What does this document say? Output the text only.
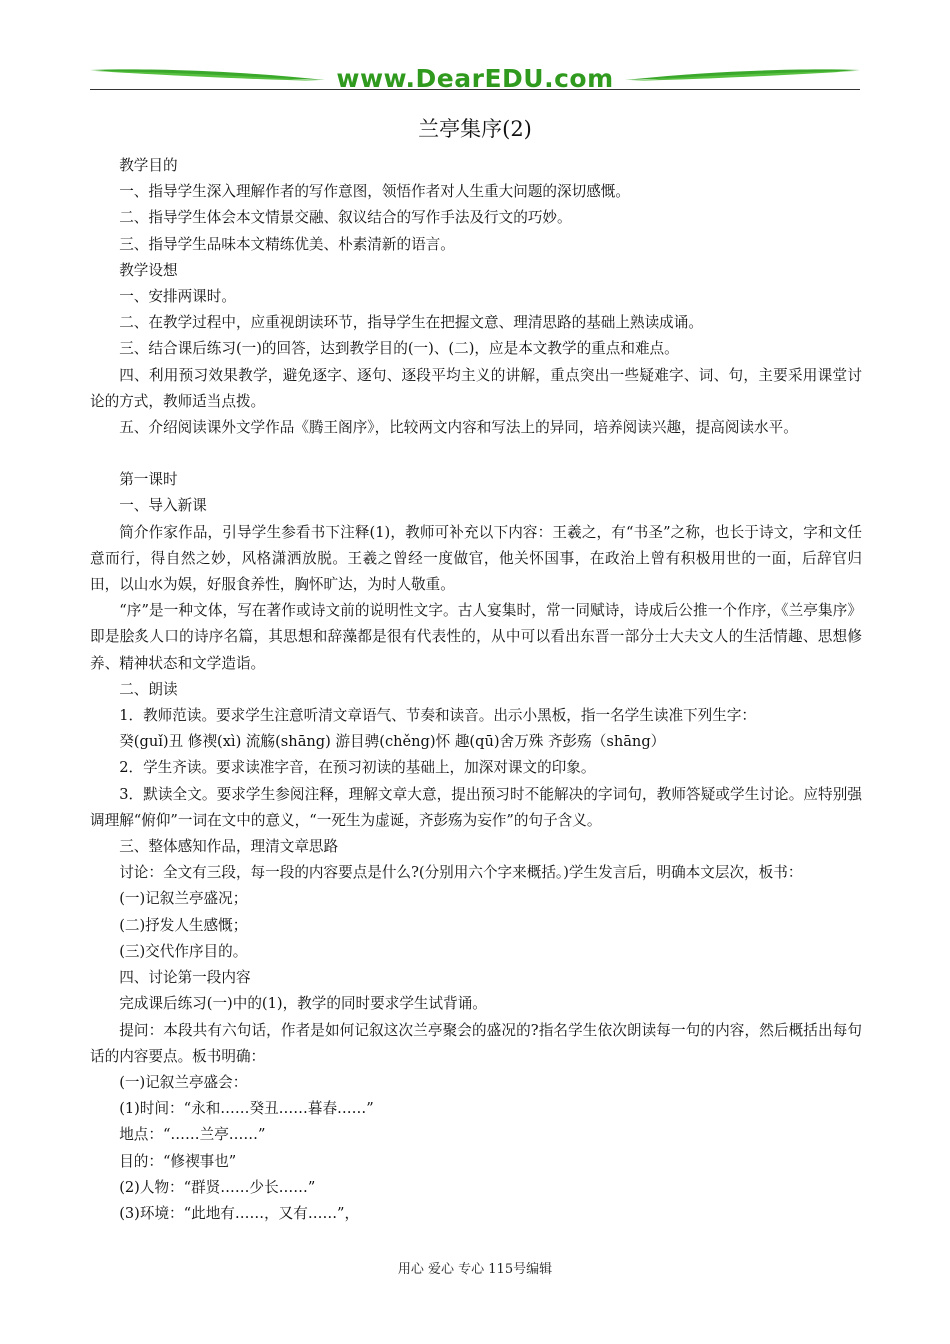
www.DearEDU.com
兰亭集序(2)

教学目的

一、指导学生深入理解作者的写作意图，领悟作者对人生重大问题的深切感慨。

二、指导学生体会本文情景交融、叙议结合的写作手法及行文的巧妙。

三、指导学生品味本文精练优美、朴素清新的语言。

教学设想

一、安排两课时。

二、在教学过程中，应重视朗读环节，指导学生在把握文意、理清思路的基础上熟读成诵。

三、结合课后练习(一)的回答，达到教学目的(一)、(二)，应是本文教学的重点和难点。

四、利用预习效果教学，避免逐字、逐句、逐段平均主义的讲解，重点突出一些疑难字、词、句，主要采用课堂讨论的方式，教师适当点拨。

五、介绍阅读课外文学作品《腾王阁序》，比较两文内容和写法上的异同，培养阅读兴趣，提高阅读水平。

第一课时

一、导入新课

简介作家作品，引导学生参看书下注释(1)，教师可补充以下内容：王羲之，有“书圣”之称，也长于诗文，字和文任意而行，得自然之妙，风格潇洒放脱。王羲之曾经一度做官，他关怀国事，在政治上曾有积极用世的一面，后辞官归田，以山水为娱，好服食养性，胸怀旷达，为时人敬重。

“序”是一种文体，写在著作或诗文前的说明性文字。古人宴集时，常一同赋诗，诗成后公推一个作序，《兰亭集序》即是脍炙人口的诗序名篇，其思想和辞藻都是很有代表性的，从中可以看出东晋一部分士大夫文人的生活情趣、思想修养、精神状态和文学造诣。

二、朗读

1．教师范读。要求学生注意听清文章语气、节奏和读音。出示小黑板，指一名学生读准下列生字：

癸(guǐ)丑 修禊(xì) 流觞(shāng) 游目骋(chěng)怀 趣(qū)舍万殊 齐彭殇（shāng）

2．学生齐读。要求读准字音，在预习初读的基础上，加深对课文的印象。

3．默读全文。要求学生参阅注释，理解文章大意，提出预习时不能解决的字词句，教师答疑或学生讨论。应特别强调理解“俯仰”一词在文中的意义，“一死生为虚诞，齐彭殇为妄作”的句子含义。

三、整体感知作品，理清文章思路

讨论：全文有三段，每一段的内容要点是什么?(分别用六个字来概括。)学生发言后，明确本文层次，板书：

(一)记叙兰亭盛况；

(二)抒发人生感慨；

(三)交代作序目的。

四、讨论第一段内容

完成课后练习(一)中的(1)，教学的同时要求学生试背诵。

提问：本段共有六句话，作者是如何记叙这次兰亭聚会的盛况的?指名学生依次朗读每一句的内容，然后概括出每句话的内容要点。板书明确：

(一)记叙兰亭盛会：

(1)时间：“永和……癸丑……暮春……”

地点：“……兰亭……”

目的：“修禊事也”

(2)人物：“群贤……少长……”

(3)环境：“此地有……，又有……”，

用心 爱心 专心 115号编辑
